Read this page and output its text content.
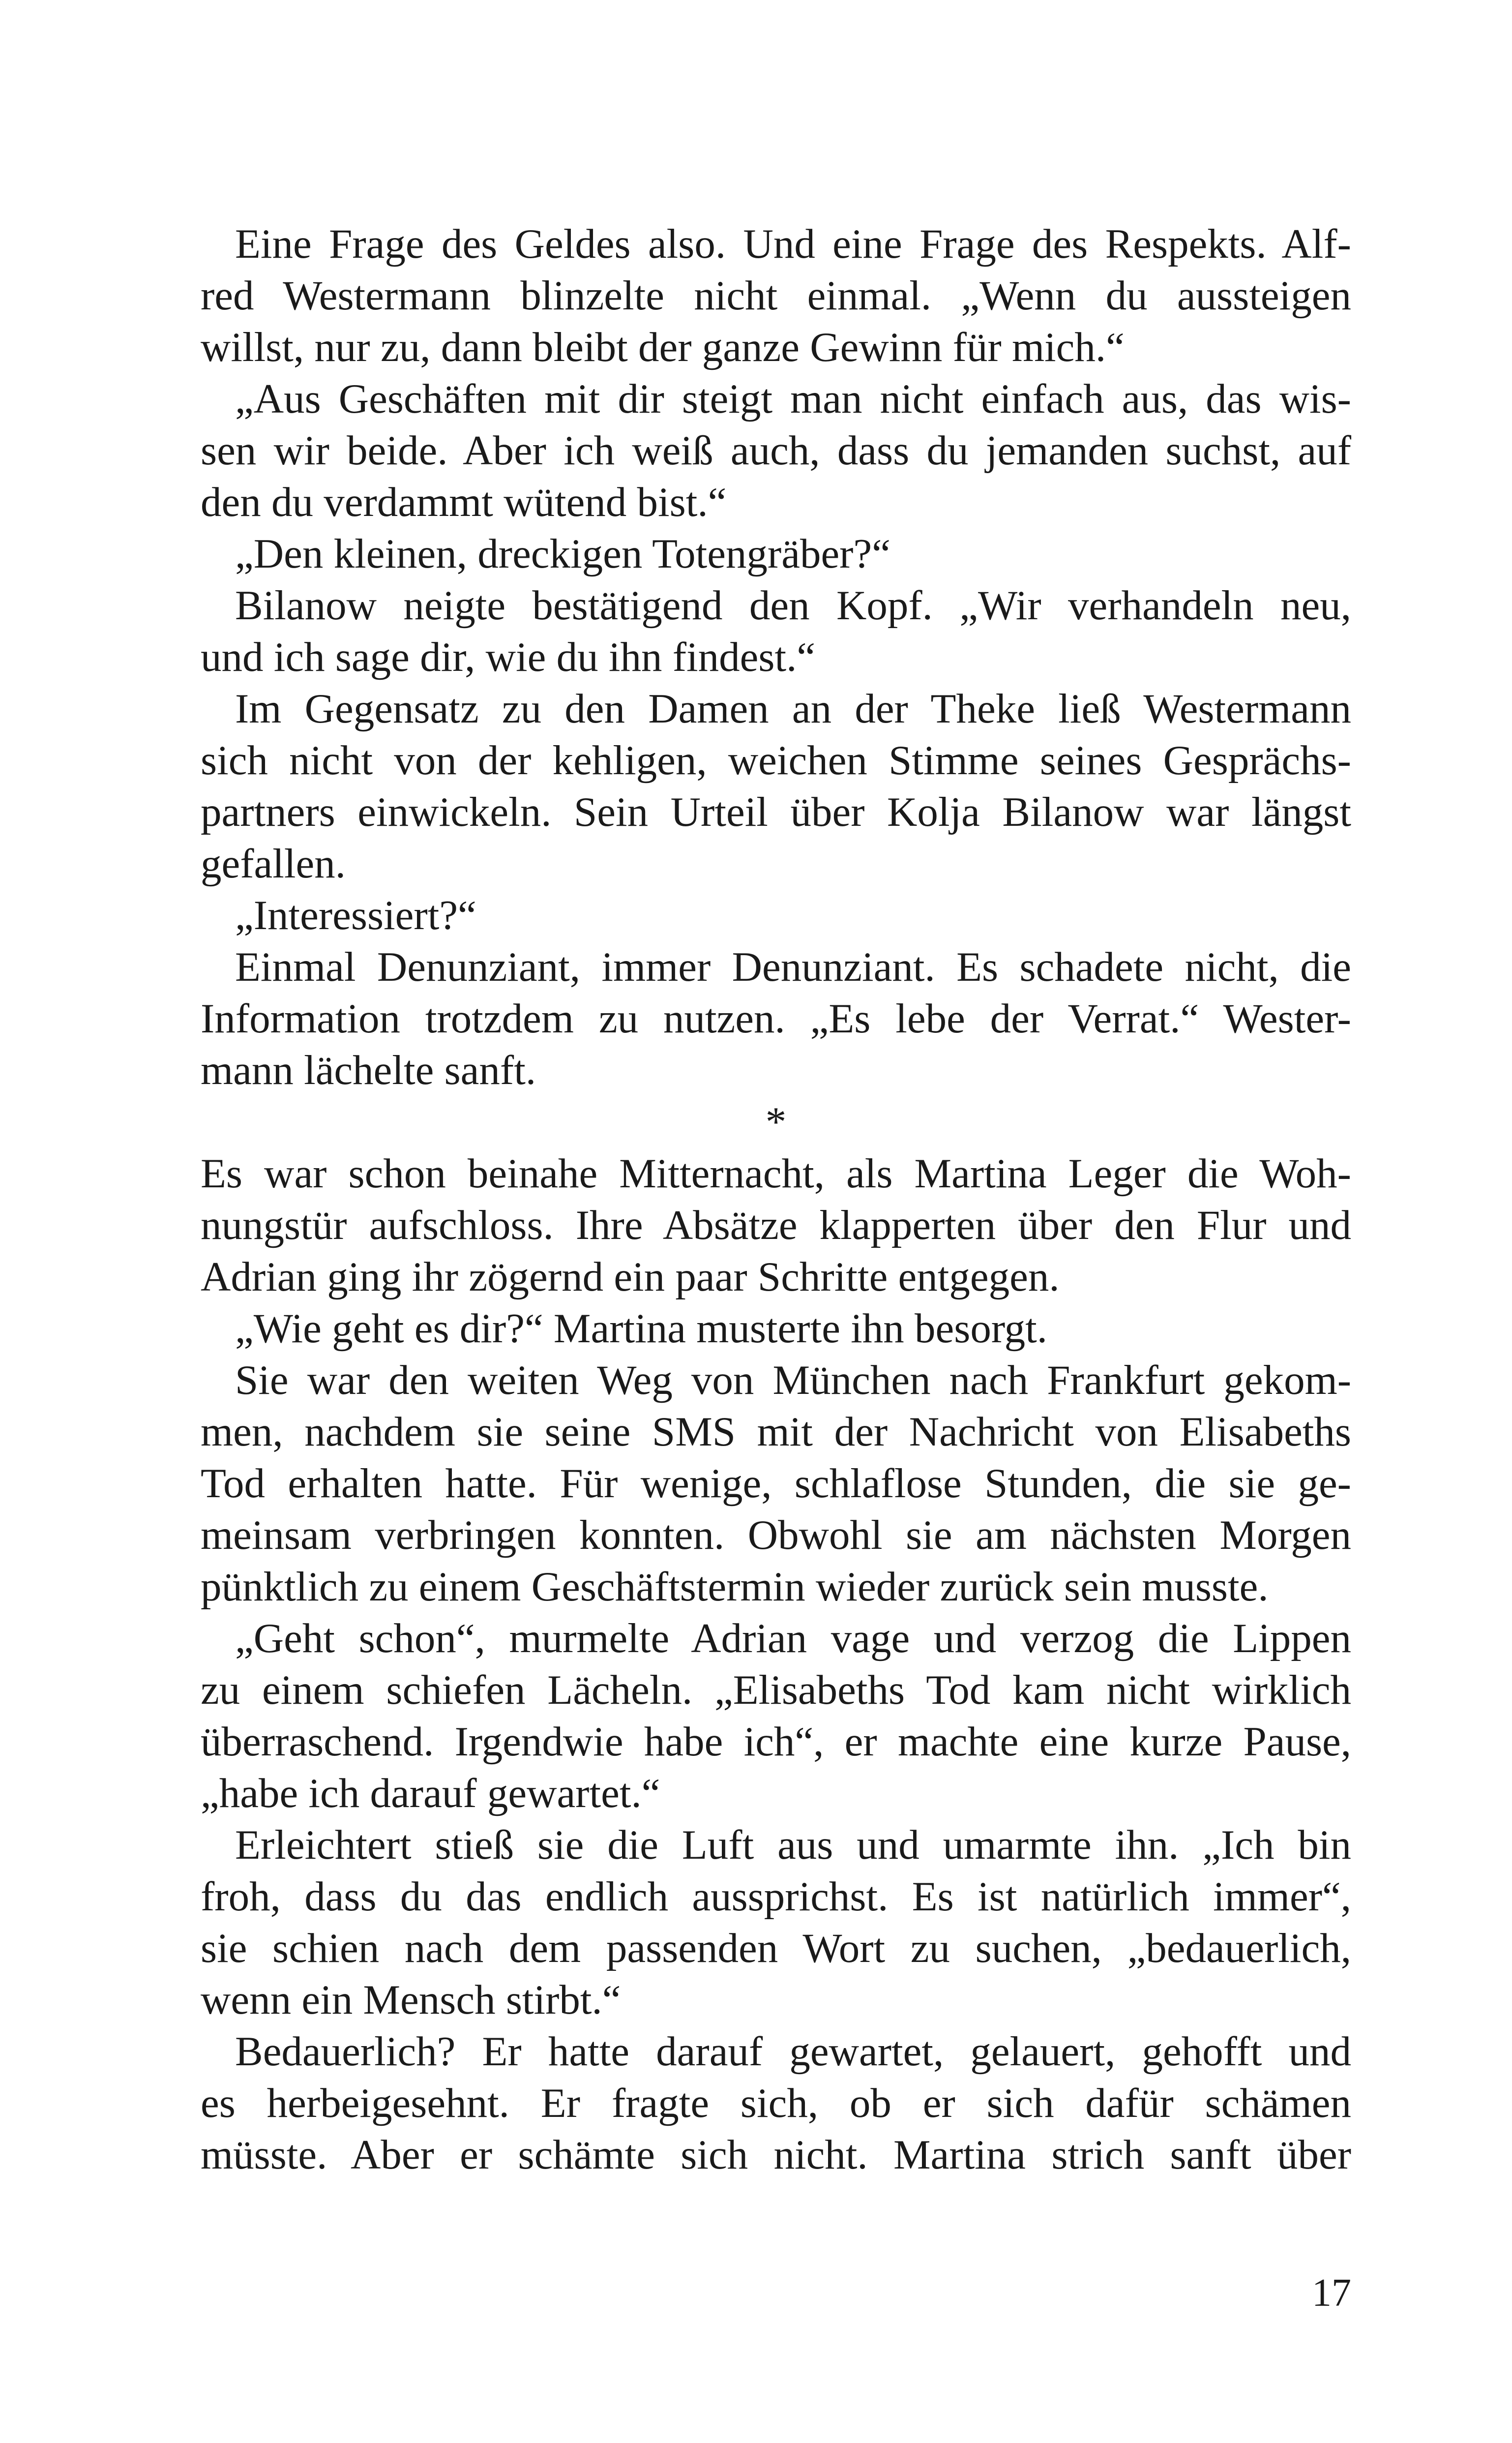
Eine Frage des Geldes also. Und eine Frage des Respekts. Alf-
red Westermann blinzelte nicht einmal. „Wenn du aussteigen
willst, nur zu, dann bleibt der ganze Gewinn für mich.“
„Aus Geschäften mit dir steigt man nicht einfach aus, das wis-
sen wir beide. Aber ich weiß auch, dass du jemanden suchst, auf
den du verdammt wütend bist.“
„Den kleinen, dreckigen Totengräber?“
Bilanow neigte bestätigend den Kopf. „Wir verhandeln neu,
und ich sage dir, wie du ihn findest.“
Im Gegensatz zu den Damen an der Theke ließ Westermann
sich nicht von der kehligen, weichen Stimme seines Gesprächs-
partners einwickeln. Sein Urteil über Kolja Bilanow war längst
gefallen.
„Interessiert?“
Einmal Denunziant, immer Denunziant. Es schadete nicht, die
Information trotzdem zu nutzen. „Es lebe der Verrat.“ Wester-
mann lächelte sanft.
*
Es war schon beinahe Mitternacht, als Martina Leger die Woh-
nungstür aufschloss. Ihre Absätze klapperten über den Flur und
Adrian ging ihr zögernd ein paar Schritte entgegen.
„Wie geht es dir?“ Martina musterte ihn besorgt.
Sie war den weiten Weg von München nach Frankfurt gekom-
men, nachdem sie seine SMS mit der Nachricht von Elisabeths
Tod erhalten hatte. Für wenige, schlaflose Stunden, die sie ge-
meinsam verbringen konnten. Obwohl sie am nächsten Morgen
pünktlich zu einem Geschäftstermin wieder zurück sein musste.
„Geht schon“, murmelte Adrian vage und verzog die Lippen
zu einem schiefen Lächeln. „Elisabeths Tod kam nicht wirklich
überraschend. Irgendwie habe ich“, er machte eine kurze Pause,
„habe ich darauf gewartet.“
Erleichtert stieß sie die Luft aus und umarmte ihn. „Ich bin
froh, dass du das endlich aussprichst. Es ist natürlich immer“,
sie schien nach dem passenden Wort zu suchen, „bedauerlich,
wenn ein Mensch stirbt.“
Bedauerlich? Er hatte darauf gewartet, gelauert, gehofft und
es herbeigesehnt. Er fragte sich, ob er sich dafür schämen
müsste. Aber er schämte sich nicht. Martina strich sanft über
17
